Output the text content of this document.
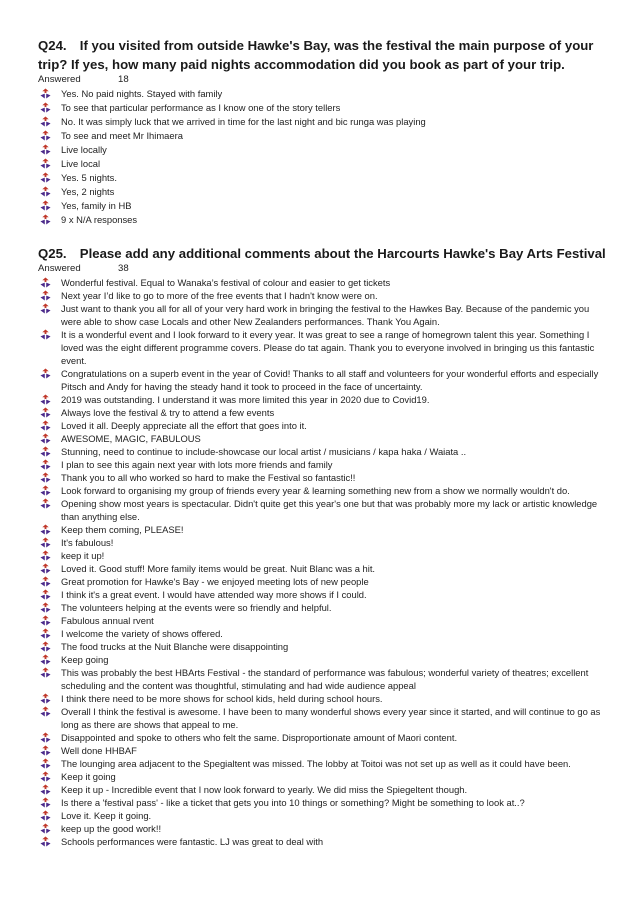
Q24. If you visited from outside Hawke's Bay, was the festival the main purpose of your trip? If yes, how many paid nights accommodation did you book as part of your trip.
Answered	18
Yes. No paid nights. Stayed with family
To see that particular performance as I know one of the story tellers
No. It was simply luck that we arrived in time for the last night and bic runga was playing
To see and meet Mr Ihimaera
Live locally
Live local
Yes. 5 nights.
Yes, 2 nights
Yes, family in HB
9 x N/A responses
Q25. Please add any additional comments about the Harcourts Hawke's Bay Arts Festival
Answered	38
Wonderful festival. Equal to Wanaka’s festival of colour and easier to get tickets
Next year I’d like to go to more of the free events that I hadn't know were on.
Just want to thank you all for all of your very hard work in bringing the festival to the Hawkes Bay. Because of the pandemic you were able to show case Locals and other New Zealanders performances. Thank You Again.
It is a wonderful event and I look forward to it every year. It was great to see a range of homegrown talent this year. Something I loved was the eight different programme covers. Please do tat again. Thank you to everyone involved in bringing us this fantastic event.
Congratulations on a superb event in the year of Covid! Thanks to all staff and volunteers for your wonderful efforts and especially Pitsch and Andy for having the steady hand it took to proceed in the face of uncertainty.
2019 was outstanding. I understand it was more limited this year in 2020 due to Covid19.
Always love the festival & try to attend a few events
Loved it all. Deeply appreciate all the effort that goes into it.
AWESOME, MAGIC, FABULOUS
Stunning, need to continue to include-showcase our local artist / musicians / kapa haka / Waiata ..
I plan to see this again next year with lots more friends and family
Thank you to all who worked so hard to make the Festival so fantastic!!
Look forward to organising my group of friends every year & learning something new from a show we normally wouldn't do.
Opening show most years is spectacular. Didn't quite get this year's one but that was probably more my lack or artistic knowledge than anything else.
Keep them coming, PLEASE!
It's fabulous!
keep it up!
Loved it. Good stuff! More family items would be great. Nuit Blanc was a hit.
Great promotion for Hawke's Bay - we enjoyed meeting lots of new people
I think it's a great event. I would have attended way more shows if I could.
The volunteers helping at the events were so friendly and helpful.
Fabulous annual rvent
I welcome the variety of shows offered.
The food trucks at the Nuit Blanche were disappointing
Keep going
This was probably the best HBArts Festival - the standard of performance was fabulous; wonderful variety of theatres; excellent scheduling and the content was thoughtful, stimulating and had wide audience appeal
I think there need to be more shows for school kids, held during school hours.
Overall I think the festival is awesome. I have been to many wonderful shows every year since it started, and will continue to go as long as there are shows that appeal to me.
Disappointed and spoke to others who felt the same. Disproportionate amount of Maori content.
Well done HHBAF
The lounging area adjacent to the Spegialtent was missed. The lobby at Toitoi was not set up as well as it could have been.
Keep it going
Keep it up - Incredible event that I now look forward to yearly. We did miss the Spiegeltent though.
Is there a 'festival pass' - like a ticket that gets you into 10 things or something? Might be something to look at..?
Love it. Keep it going.
keep up the good work!!
Schools performances were fantastic. LJ was great to deal with
